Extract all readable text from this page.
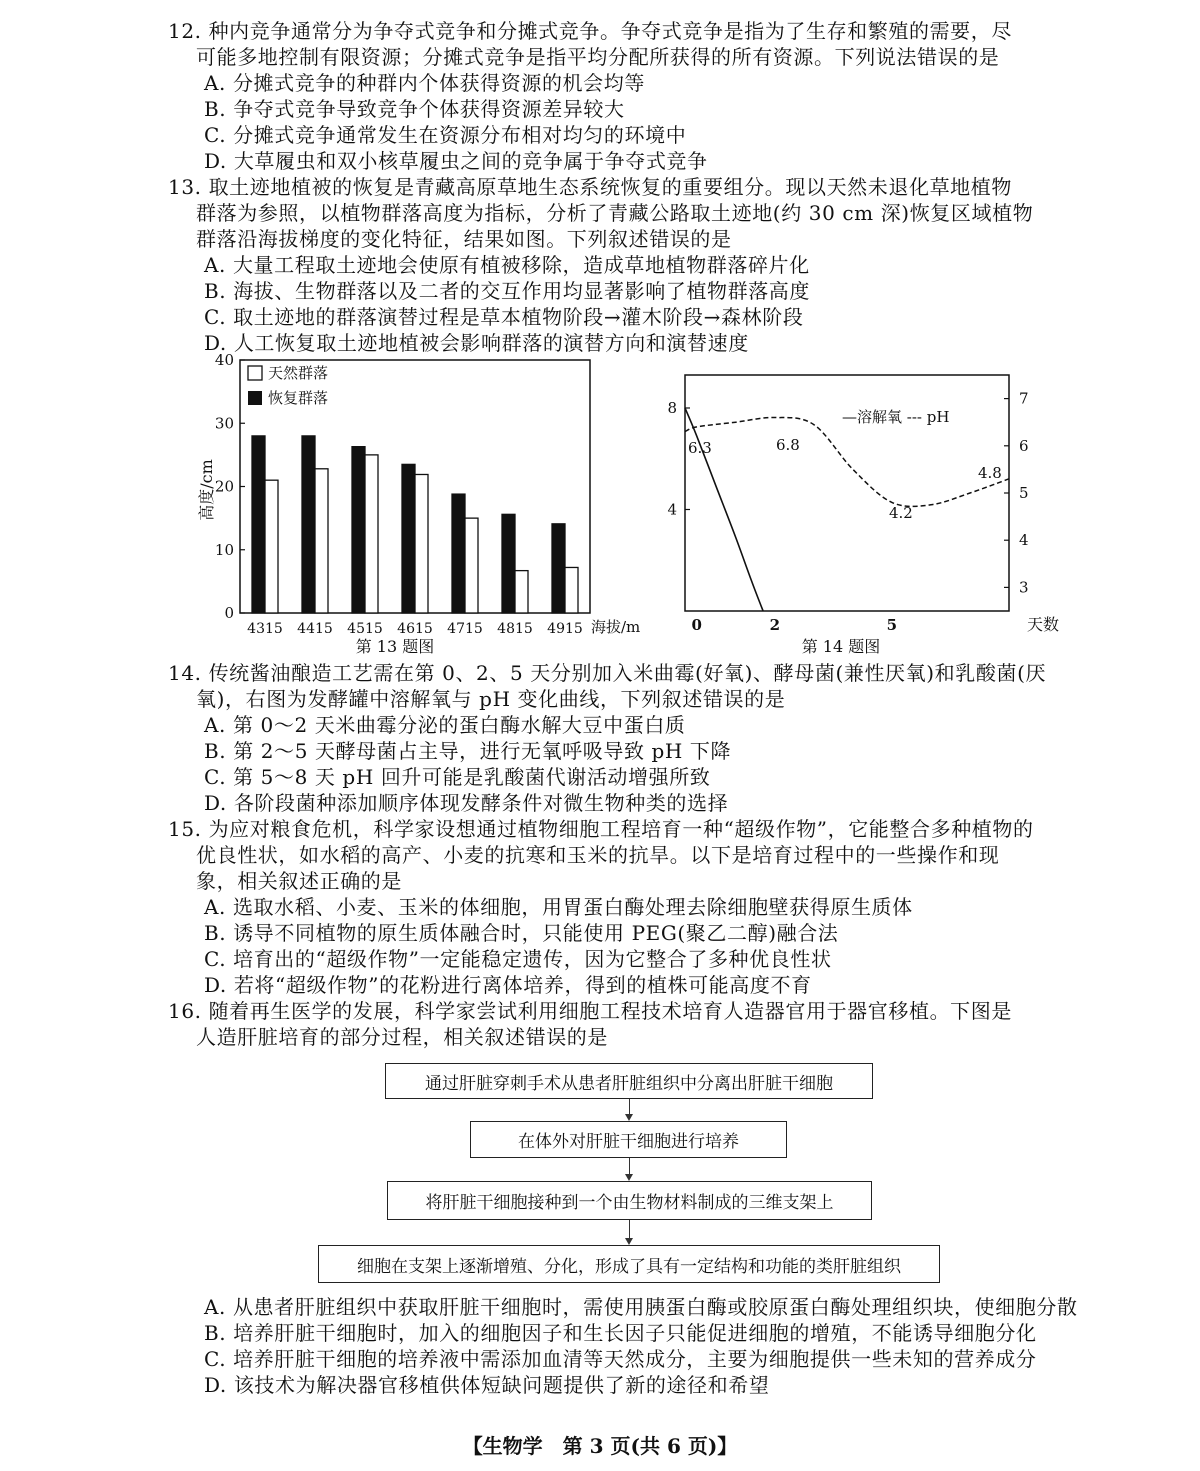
12. 种内竞争通常分为争夺式竞争和分摊式竞争。争夺式竞争是指为了生存和繁殖的需要，尽
可能多地控制有限资源；分摊式竞争是指平均分配所获得的所有资源。下列说法错误的是
A. 分摊式竞争的种群内个体获得资源的机会均等
B. 争夺式竞争导致竞争个体获得资源差异较大
C. 分摊式竞争通常发生在资源分布相对均匀的环境中
D. 大草履虫和双小核草履虫之间的竞争属于争夺式竞争
13. 取土迹地植被的恢复是青藏高原草地生态系统恢复的重要组分。现以天然未退化草地植物
群落为参照，以植物群落高度为指标，分析了青藏公路取土迹地(约 30 cm 深)恢复区域植物
群落沿海拔梯度的变化特征，结果如图。下列叙述错误的是
A. 大量工程取土迹地会使原有植被移除，造成草地植物群落碎片化
B. 海拔、生物群落以及二者的交互作用均显著影响了植物群落高度
C. 取土迹地的群落演替过程是草本植物阶段→灌木阶段→森林阶段
D. 人工恢复取土迹地植被会影响群落的演替方向和演替速度
0
10
20
30
40
4315 4415 4515 4615 4715 4815 4915
高度/cm
海拔/m
天然群落
恢复群落
第 13 题图
4
8
3
4
5
6
7
0	2	5
—溶解氧 --- pH
6.3	6.8
4.2
4.8
天数
第 14 题图
14. 传统酱油酿造工艺需在第 0、2、5 天分别加入米曲霉(好氧)、酵母菌(兼性厌氧)和乳酸菌(厌
氧)，右图为发酵罐中溶解氧与 pH 变化曲线，下列叙述错误的是
A. 第 0～2 天米曲霉分泌的蛋白酶水解大豆中蛋白质
B. 第 2～5 天酵母菌占主导，进行无氧呼吸导致 pH 下降
C. 第 5～8 天 pH 回升可能是乳酸菌代谢活动增强所致
D. 各阶段菌种添加顺序体现发酵条件对微生物种类的选择
15. 为应对粮食危机，科学家设想通过植物细胞工程培育一种“超级作物”，它能整合多种植物的
优良性状，如水稻的高产、小麦的抗寒和玉米的抗旱。以下是培育过程中的一些操作和现
象，相关叙述正确的是
A. 选取水稻、小麦、玉米的体细胞，用胃蛋白酶处理去除细胞壁获得原生质体
B. 诱导不同植物的原生质体融合时，只能使用 PEG(聚乙二醇)融合法
C. 培育出的“超级作物”一定能稳定遗传，因为它整合了多种优良性状
D. 若将“超级作物”的花粉进行离体培养，得到的植株可能高度不育
16. 随着再生医学的发展，科学家尝试利用细胞工程技术培育人造器官用于器官移植。下图是
人造肝脏培育的部分过程，相关叙述错误的是
通过肝脏穿刺手术从患者肝脏组织中分离出肝脏干细胞
在体外对肝脏干细胞进行培养
将肝脏干细胞接种到一个由生物材料制成的三维支架上
细胞在支架上逐渐增殖、分化，形成了具有一定结构和功能的类肝脏组织
A. 从患者肝脏组织中获取肝脏干细胞时，需使用胰蛋白酶或胶原蛋白酶处理组织块，使细胞分散
B. 培养肝脏干细胞时，加入的细胞因子和生长因子只能促进细胞的增殖，不能诱导细胞分化
C. 培养肝脏干细胞的培养液中需添加血清等天然成分，主要为细胞提供一些未知的营养成分
D. 该技术为解决器官移植供体短缺问题提供了新的途径和希望
【生物学　第 3 页(共 6 页)】
